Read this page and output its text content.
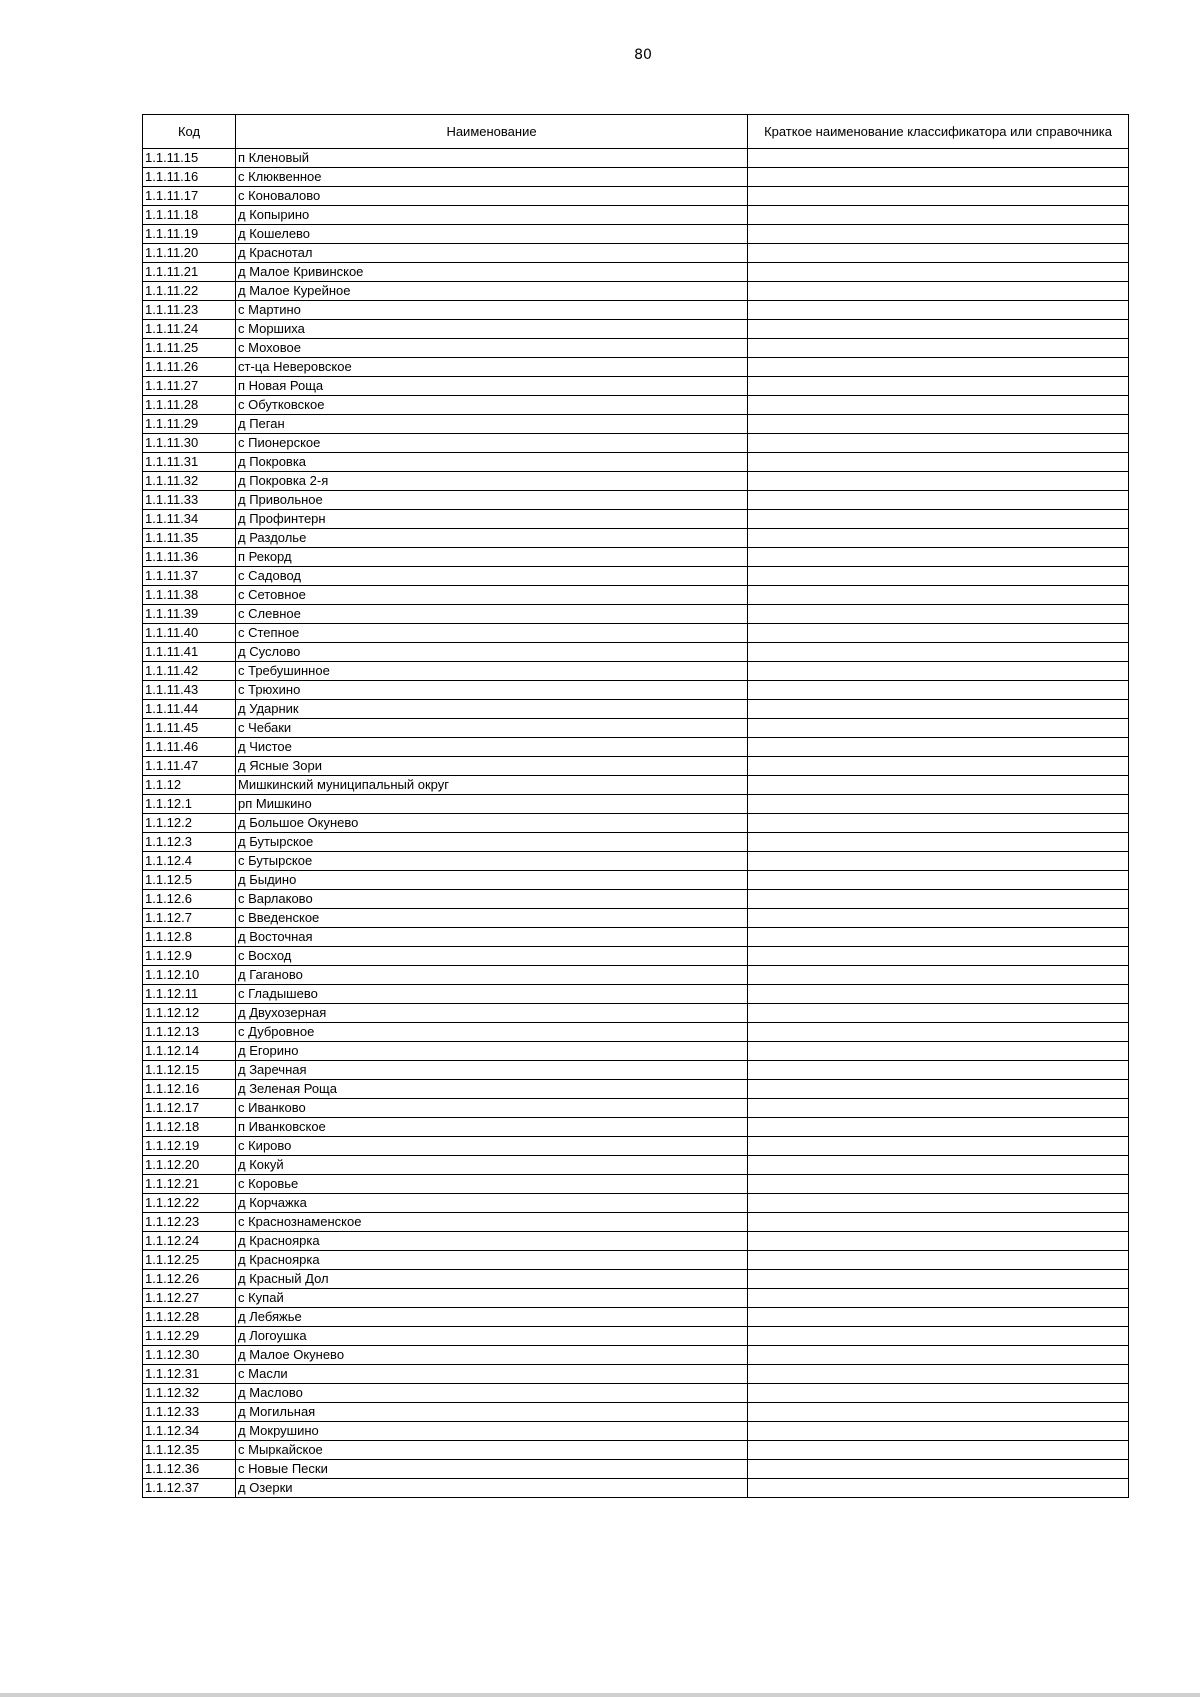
80
Код	Наименование	Краткое наименование классификатора или справочника
1.1.11.15	п Кленовый	
1.1.11.16	с Клюквенное	
1.1.11.17	с Коновалово	
1.1.11.18	д Копырино	
1.1.11.19	д Кошелево	
1.1.11.20	д Краснотал	
1.1.11.21	д Малое Кривинское	
1.1.11.22	д Малое Курейное	
1.1.11.23	с Мартино	
1.1.11.24	с Моршиха	
1.1.11.25	с Моховое	
1.1.11.26	ст-ца Неверовское	
1.1.11.27	п Новая Роща	
1.1.11.28	с Обутковское	
1.1.11.29	д Пеган	
1.1.11.30	с Пионерское	
1.1.11.31	д Покровка	
1.1.11.32	д Покровка 2-я	
1.1.11.33	д Привольное	
1.1.11.34	д Профинтерн	
1.1.11.35	д Раздолье	
1.1.11.36	п Рекорд	
1.1.11.37	с Садовод	
1.1.11.38	с Сетовное	
1.1.11.39	с Слевное	
1.1.11.40	с Степное	
1.1.11.41	д Суслово	
1.1.11.42	с Требушинное	
1.1.11.43	с Трюхино	
1.1.11.44	д Ударник	
1.1.11.45	с Чебаки	
1.1.11.46	д Чистое	
1.1.11.47	д Ясные Зори	
1.1.12	Мишкинский муниципальный округ	
1.1.12.1	рп Мишкино	
1.1.12.2	д Большое Окунево	
1.1.12.3	д Бутырское	
1.1.12.4	с Бутырское	
1.1.12.5	д Быдино	
1.1.12.6	с Варлаково	
1.1.12.7	с Введенское	
1.1.12.8	д Восточная	
1.1.12.9	с Восход	
1.1.12.10	д Гаганово	
1.1.12.11	с Гладышево	
1.1.12.12	д Двухозерная	
1.1.12.13	с Дубровное	
1.1.12.14	д Егорино	
1.1.12.15	д Заречная	
1.1.12.16	д Зеленая Роща	
1.1.12.17	с Иванково	
1.1.12.18	п Иванковское	
1.1.12.19	с Кирово	
1.1.12.20	д Кокуй	
1.1.12.21	с Коровье	
1.1.12.22	д Корчажка	
1.1.12.23	с Краснознаменское	
1.1.12.24	д Красноярка	
1.1.12.25	д Красноярка	
1.1.12.26	д Красный Дол	
1.1.12.27	с Купай	
1.1.12.28	д Лебяжье	
1.1.12.29	д Логоушка	
1.1.12.30	д Малое Окунево	
1.1.12.31	с Масли	
1.1.12.32	д Маслово	
1.1.12.33	д Могильная	
1.1.12.34	д Мокрушино	
1.1.12.35	с Мыркайское	
1.1.12.36	с Новые Пески	
1.1.12.37	д Озерки	
